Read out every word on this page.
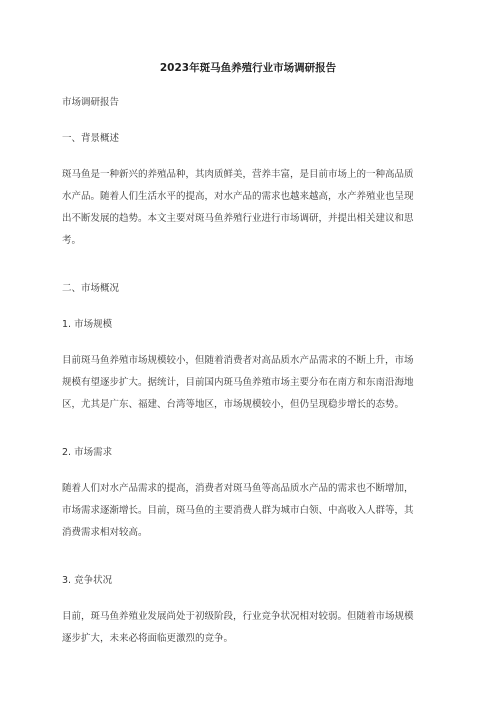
2023年斑马鱼养殖行业市场调研报告
市场调研报告
一、背景概述
斑马鱼是一种新兴的养殖品种，其肉质鲜美，营养丰富，是目前市场上的一种高品质
水产品。随着人们生活水平的提高，对水产品的需求也越来越高，水产养殖业也呈现
出不断发展的趋势。本文主要对斑马鱼养殖行业进行市场调研，并提出相关建议和思
考。
二、市场概况
1. 市场规模
目前斑马鱼养殖市场规模较小，但随着消费者对高品质水产品需求的不断上升，市场
规模有望逐步扩大。据统计，目前国内斑马鱼养殖市场主要分布在南方和东南沿海地
区，尤其是广东、福建、台湾等地区，市场规模较小，但仍呈现稳步增长的态势。
2. 市场需求
随着人们对水产品需求的提高，消费者对斑马鱼等高品质水产品的需求也不断增加，
市场需求逐渐增长。目前，斑马鱼的主要消费人群为城市白领、中高收入人群等，其
消费需求相对较高。
3. 竞争状况
目前，斑马鱼养殖业发展尚处于初级阶段，行业竞争状况相对较弱。但随着市场规模
逐步扩大，未来必将面临更激烈的竞争。
